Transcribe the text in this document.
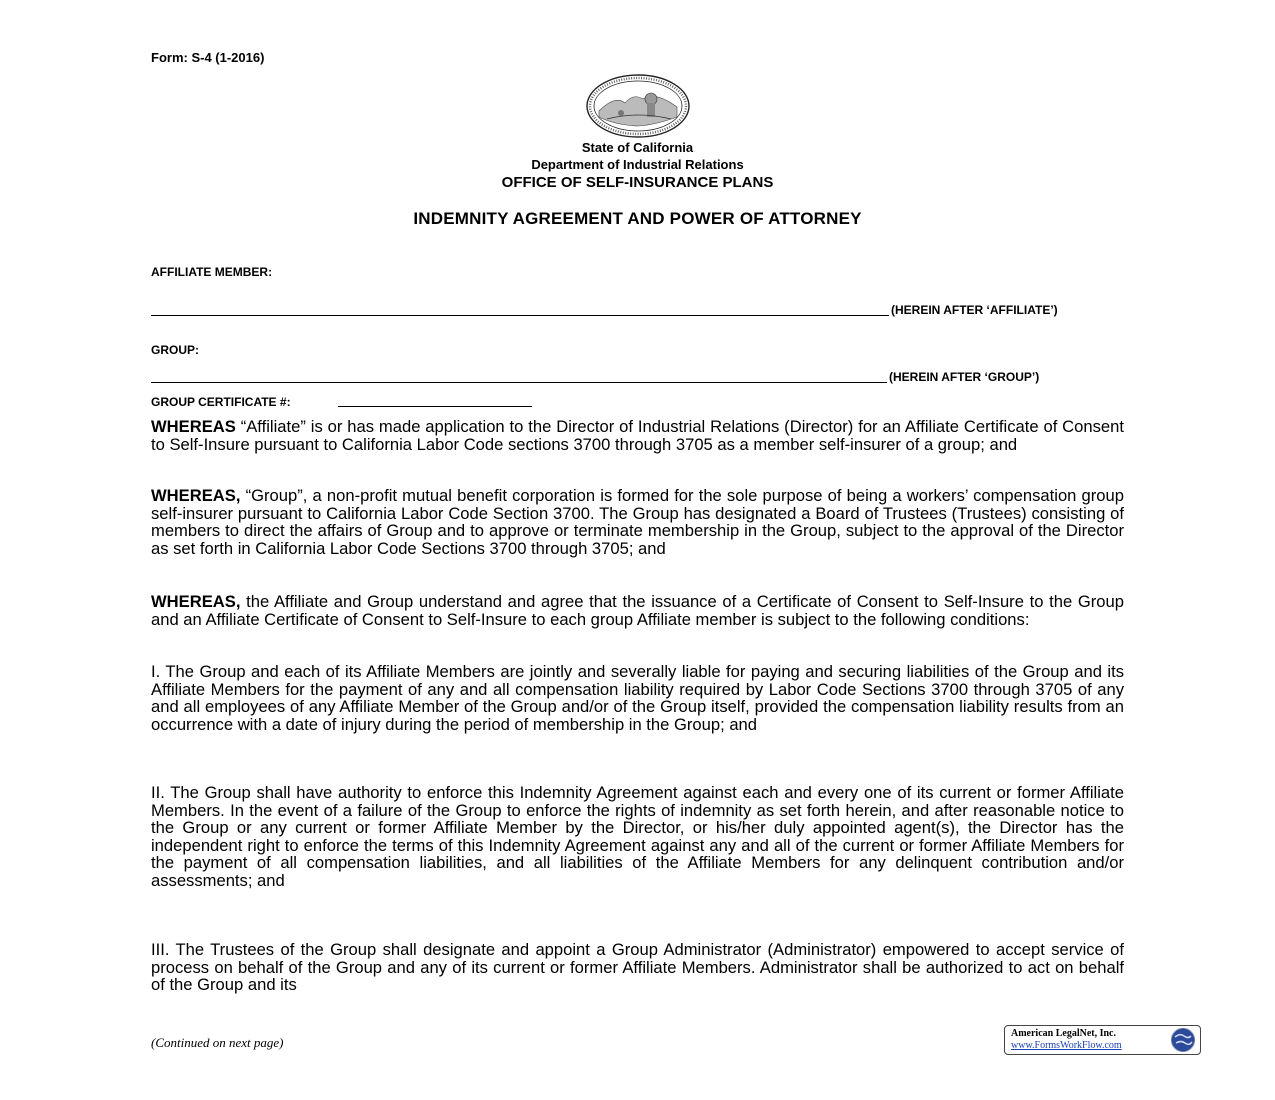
Form: S-4 (1-2016)
State of California
Department of Industrial Relations
OFFICE OF SELF-INSURANCE PLANS
INDEMNITY AGREEMENT AND POWER OF ATTORNEY
AFFILIATE MEMBER:
(HEREIN AFTER ‘AFFILIATE’)
GROUP:
(HEREIN AFTER ‘GROUP’)
GROUP CERTIFICATE #:

WHEREAS “Affiliate” is or has made application to the Director of Industrial Relations (Director) for an Affiliate Certificate of Consent to Self-Insure pursuant to California Labor Code sections 3700 through 3705 as a member self-insurer of a group; and

WHEREAS, “Group”, a non-profit mutual benefit corporation is formed for the sole purpose of being a workers’ compensation group self-insurer pursuant to California Labor Code Section 3700. The Group has designated a Board of Trustees (Trustees) consisting of members to direct the affairs of Group and to approve or terminate membership in the Group, subject to the approval of the Director as set forth in California Labor Code Sections 3700 through 3705; and

WHEREAS, the Affiliate and Group understand and agree that the issuance of a Certificate of Consent to Self-Insure to the Group and an Affiliate Certificate of Consent to Self-Insure to each group Affiliate member is subject to the following conditions:

I. The Group and each of its Affiliate Members are jointly and severally liable for paying and securing liabilities of the Group and its Affiliate Members for the payment of any and all compensation liability required by Labor Code Sections 3700 through 3705 of any and all employees of any Affiliate Member of the Group and/or of the Group itself, provided the compensation liability results from an occurrence with a date of injury during the period of membership in the Group; and

II. The Group shall have authority to enforce this Indemnity Agreement against each and every one of its current or former Affiliate Members. In the event of a failure of the Group to enforce the rights of indemnity as set forth herein, and after reasonable notice to the Group or any current or former Affiliate Member by the Director, or his/her duly appointed agent(s), the Director has the independent right to enforce the terms of this Indemnity Agreement against any and all of the current or former Affiliate Members for the payment of all compensation liabilities, and all liabilities of the Affiliate Members for any delinquent contribution and/or assessments; and

III. The Trustees of the Group shall designate and appoint a Group Administrator (Administrator) empowered to accept service of process on behalf of the Group and any of its current or former Affiliate Members. Administrator shall be authorized to act on behalf of the Group and its

(Continued on next page)
American LegalNet, Inc.
www.FormsWorkFlow.com
